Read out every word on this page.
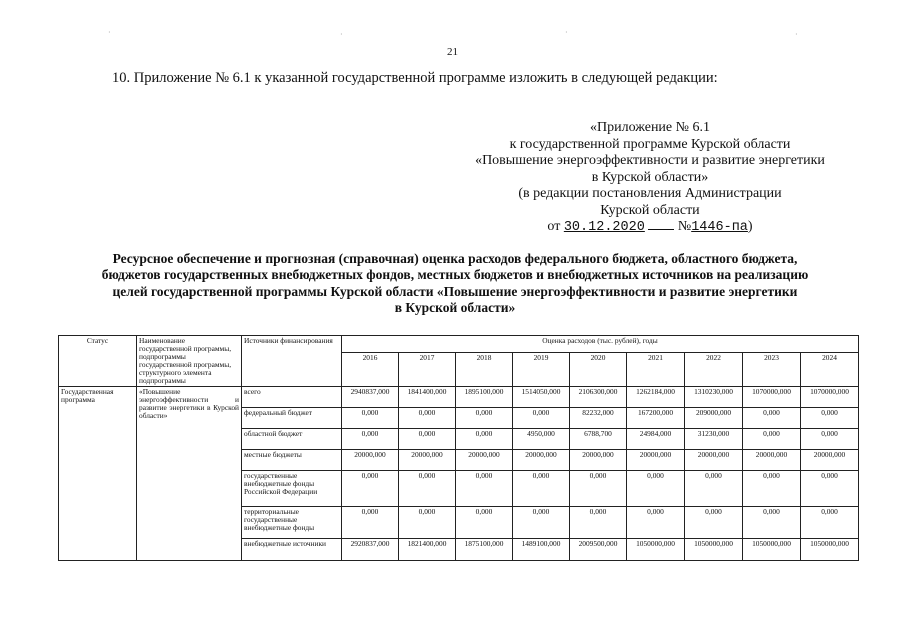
·	·	·	·
21
10. Приложение № 6.1 к указанной государственной программе изложить в следующей редакции:
«Приложение № 6.1
к государственной программе Курской области
«Повышение энергоэффективности и развитие энергетики
в Курской области»
(в редакции постановления Администрации
Курской области
от 30.12.2020 №1446-па)
Ресурсное обеспечение и прогнозная (справочная) оценка расходов федерального бюджета, областного бюджета,
бюджетов государственных внебюджетных фондов, местных бюджетов и внебюджетных источников на реализацию
целей государственной программы Курской области «Повышение энергоэффективности и развитие энергетики
в Курской области»
Статус	Наименование государственной программы, подпрограммы государственной программы, структурного элемента подпрограммы	Источники финансирования	Оценка расходов (тыс. рублей), годы								
			2016	2017	2018	2019	2020	2021	2022	2023	2024
Государственная программа	«Повышение энергоэффективности и развитие энергетики в Курской области»	всего	2940837,000	1841400,000	1895100,000	1514050,000	2106300,000	1262184,000	1310230,000	1070000,000	1070000,000
		федеральный бюджет	0,000	0,000	0,000	0,000	82232,000	167200,000	209000,000	0,000	0,000
		областной бюджет	0,000	0,000	0,000	4950,000	6788,700	24984,000	31230,000	0,000	0,000
		местные бюджеты	20000,000	20000,000	20000,000	20000,000	20000,000	20000,000	20000,000	20000,000	20000,000
		государственные внебюджетные фонды Российской Федерации	0,000	0,000	0,000	0,000	0,000	0,000	0,000	0,000	0,000
		территориальные государственные внебюджетные фонды	0,000	0,000	0,000	0,000	0,000	0,000	0,000	0,000	0,000
		внебюджетные источники	2920837,000	1821400,000	1875100,000	1489100,000	2009500,000	1050000,000	1050000,000	1050000,000	1050000,000
